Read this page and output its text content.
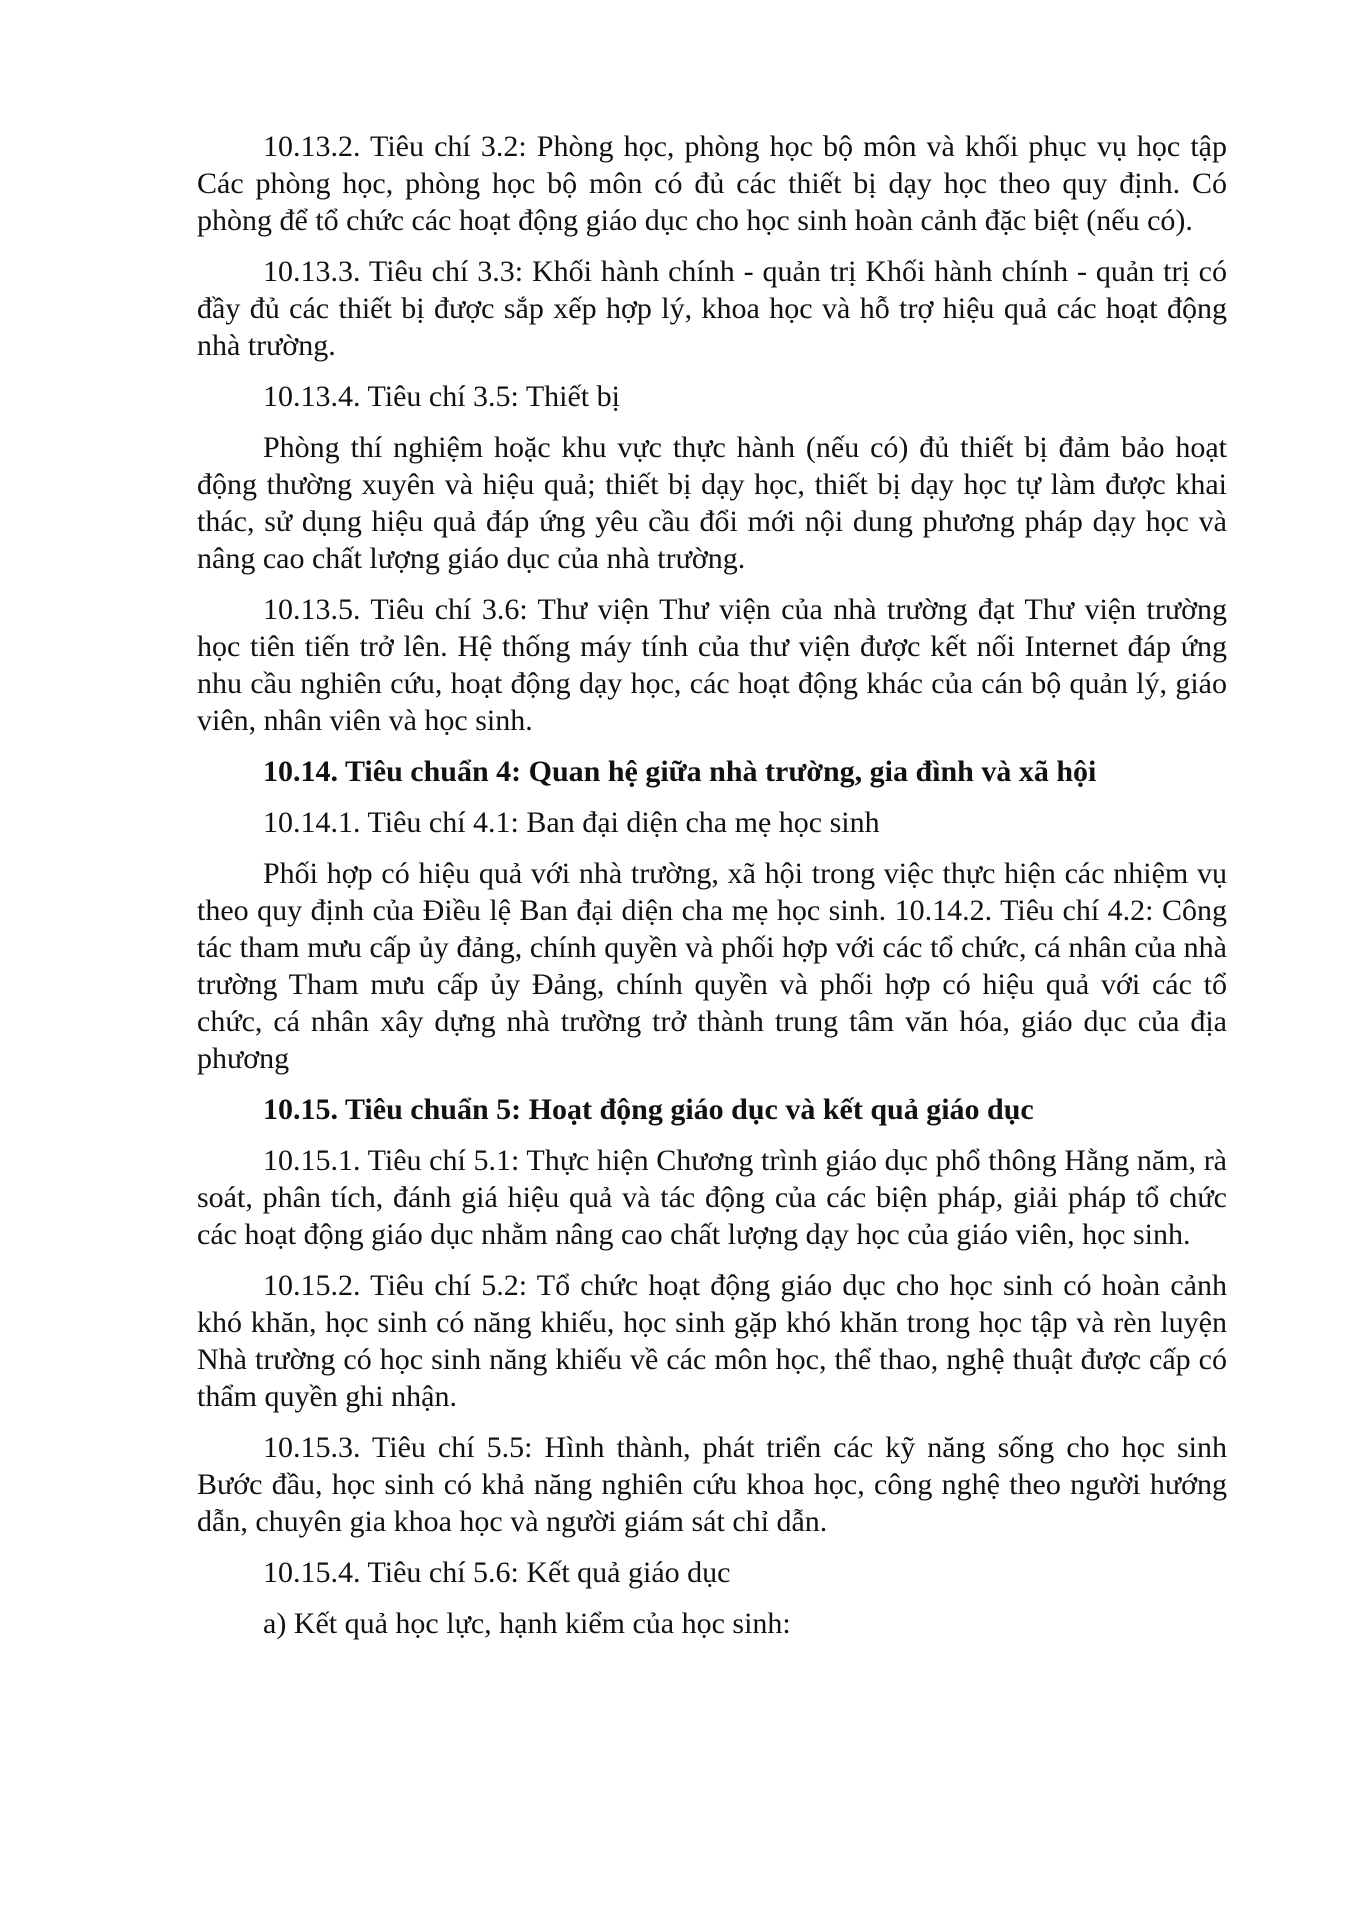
10.13.2. Tiêu chí 3.2: Phòng học, phòng học bộ môn và khối phục vụ học tập Các phòng học, phòng học bộ môn có đủ các thiết bị dạy học theo quy định. Có phòng để tổ chức các hoạt động giáo dục cho học sinh hoàn cảnh đặc biệt (nếu có).

10.13.3. Tiêu chí 3.3: Khối hành chính - quản trị Khối hành chính - quản trị có đầy đủ các thiết bị được sắp xếp hợp lý, khoa học và hỗ trợ hiệu quả các hoạt động nhà trường.

10.13.4. Tiêu chí 3.5: Thiết bị

Phòng thí nghiệm hoặc khu vực thực hành (nếu có) đủ thiết bị đảm bảo hoạt động thường xuyên và hiệu quả; thiết bị dạy học, thiết bị dạy học tự làm được khai thác, sử dụng hiệu quả đáp ứng yêu cầu đổi mới nội dung phương pháp dạy học và nâng cao chất lượng giáo dục của nhà trường.

10.13.5. Tiêu chí 3.6: Thư viện Thư viện của nhà trường đạt Thư viện trường học tiên tiến trở lên. Hệ thống máy tính của thư viện được kết nối Internet đáp ứng nhu cầu nghiên cứu, hoạt động dạy học, các hoạt động khác của cán bộ quản lý, giáo viên, nhân viên và học sinh.

10.14. Tiêu chuẩn 4: Quan hệ giữa nhà trường, gia đình và xã hội

10.14.1. Tiêu chí 4.1: Ban đại diện cha mẹ học sinh

Phối hợp có hiệu quả với nhà trường, xã hội trong việc thực hiện các nhiệm vụ theo quy định của Điều lệ Ban đại diện cha mẹ học sinh. 10.14.2. Tiêu chí 4.2: Công tác tham mưu cấp ủy đảng, chính quyền và phối hợp với các tổ chức, cá nhân của nhà trường Tham mưu cấp ủy Đảng, chính quyền và phối hợp có hiệu quả với các tổ chức, cá nhân xây dựng nhà trường trở thành trung tâm văn hóa, giáo dục của địa phương

10.15. Tiêu chuẩn 5: Hoạt động giáo dục và kết quả giáo dục

10.15.1. Tiêu chí 5.1: Thực hiện Chương trình giáo dục phổ thông Hằng năm, rà soát, phân tích, đánh giá hiệu quả và tác động của các biện pháp, giải pháp tổ chức các hoạt động giáo dục nhằm nâng cao chất lượng dạy học của giáo viên, học sinh.

10.15.2. Tiêu chí 5.2: Tổ chức hoạt động giáo dục cho học sinh có hoàn cảnh khó khăn, học sinh có năng khiếu, học sinh gặp khó khăn trong học tập và rèn luyện Nhà trường có học sinh năng khiếu về các môn học, thể thao, nghệ thuật được cấp có thẩm quyền ghi nhận.

10.15.3. Tiêu chí 5.5: Hình thành, phát triển các kỹ năng sống cho học sinh Bước đầu, học sinh có khả năng nghiên cứu khoa học, công nghệ theo người hướng dẫn, chuyên gia khoa học và người giám sát chỉ dẫn.

10.15.4. Tiêu chí 5.6: Kết quả giáo dục

a) Kết quả học lực, hạnh kiểm của học sinh:
